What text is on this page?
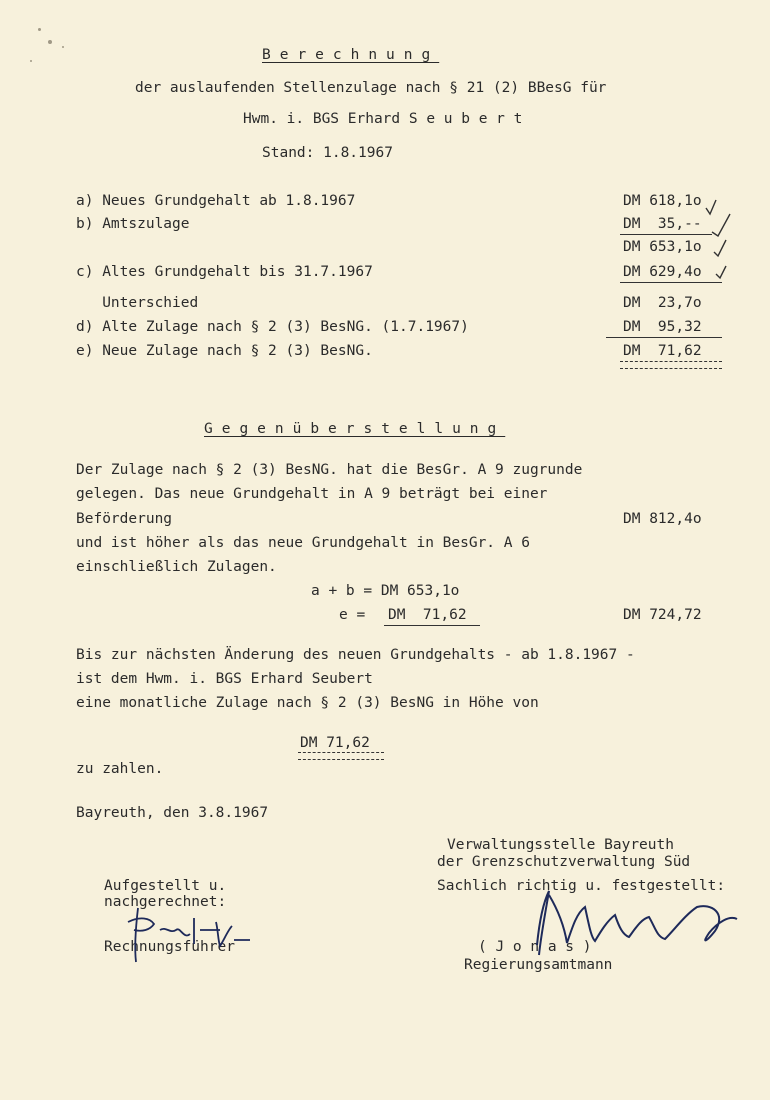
Berechnung
der auslaufenden Stellenzulage nach § 21 (2) BBesG für
Hwm. i. BGS Erhard S e u b e r t
Stand: 1.8.1967
a) Neues Grundgehalt ab 1.8.1967	DM 618,1o
b) Amtszulage	DM  35,--
DM 653,1o
c) Altes Grundgehalt bis 31.7.1967	DM 629,4o
Unterschied	DM  23,7o
d) Alte Zulage nach § 2 (3) BesNG. (1.7.1967)	DM  95,32
e) Neue Zulage nach § 2 (3) BesNG.	DM  71,62
Gegenüberstellung
Der Zulage nach § 2 (3) BesNG. hat die BesGr. A 9 zugrunde
gelegen. Das neue Grundgehalt in A 9 beträgt bei einer
Beförderung	DM 812,4o
und ist höher als das neue Grundgehalt in BesGr. A 6
einschließlich Zulagen.
a + b = DM 653,1o
e = DM  71,62	DM 724,72
Bis zur nächsten Änderung des neuen Grundgehalts - ab 1.8.1967 -
ist dem Hwm. i. BGS Erhard Seubert
eine monatliche Zulage nach § 2 (3) BesNG in Höhe von
DM 71,62
zu zahlen.
Bayreuth, den 3.8.1967
Verwaltungsstelle Bayreuth
der Grenzschutzverwaltung Süd
Aufgestellt u.
nachgerechnet:
Sachlich richtig u. festgestellt:
Rechnungsführer	( J o n a s )
Regierungsamtmann
